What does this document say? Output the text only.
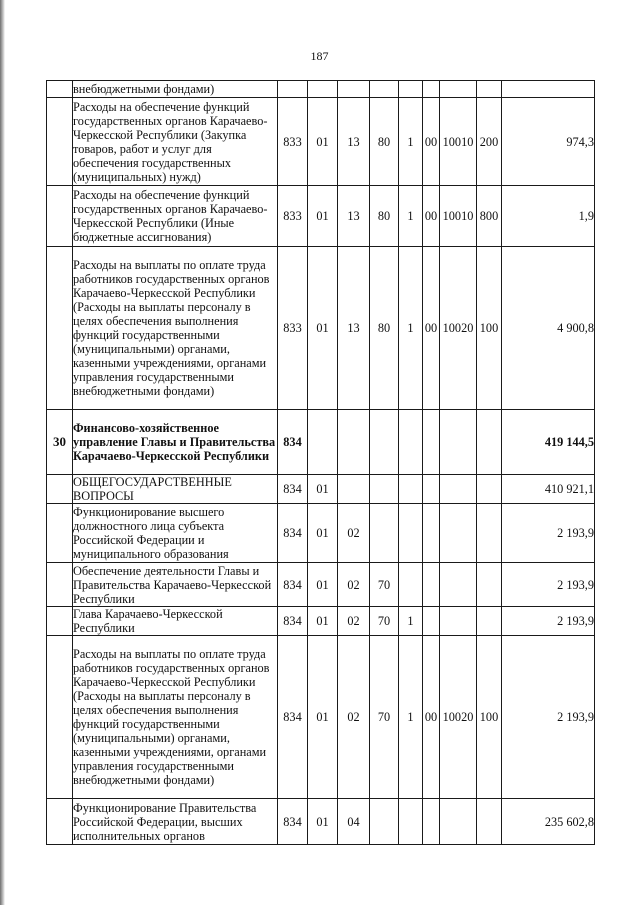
187
	внебюджетными фондами)									
	Расходы на обеспечение функций государственных органов Карачаево-Черкесской Республики (Закупка товаров, работ и услуг для обеспечения государственных (муниципальных) нужд)	833	01	13	80	1	00	10010	200	974,3
	Расходы на обеспечение функций государственных органов Карачаево-Черкесской Республики (Иные бюджетные ассигнования)	833	01	13	80	1	00	10010	800	1,9
	Расходы на выплаты по оплате труда работников государственных органов Карачаево-Черкесской Республики (Расходы на выплаты персоналу в целях обеспечения выполнения функций государственными (муниципальными) органами, казенными учреждениями, органами управления государственными внебюджетными фондами)	833	01	13	80	1	00	10020	100	4 900,8
30	Финансово-хозяйственное управление Главы и Правительства Карачаево-Черкесской Республики	834								419 144,5
	ОБЩЕГОСУДАРСТВЕННЫЕ ВОПРОСЫ	834	01							410 921,1
	Функционирование высшего должностного лица субъекта Российской Федерации и муниципального образования	834	01	02						2 193,9
	Обеспечение деятельности Главы и Правительства Карачаево-Черкесской Республики	834	01	02	70					2 193,9
	Глава Карачаево-Черкесской Республики	834	01	02	70	1				2 193,9
	Расходы на выплаты по оплате труда работников государственных органов Карачаево-Черкесской Республики (Расходы на выплаты персоналу в целях обеспечения выполнения функций государственными (муниципальными) органами, казенными учреждениями, органами управления государственными внебюджетными фондами)	834	01	02	70	1	00	10020	100	2 193,9
	Функционирование Правительства Российской Федерации, высших исполнительных органов	834	01	04						235 602,8
